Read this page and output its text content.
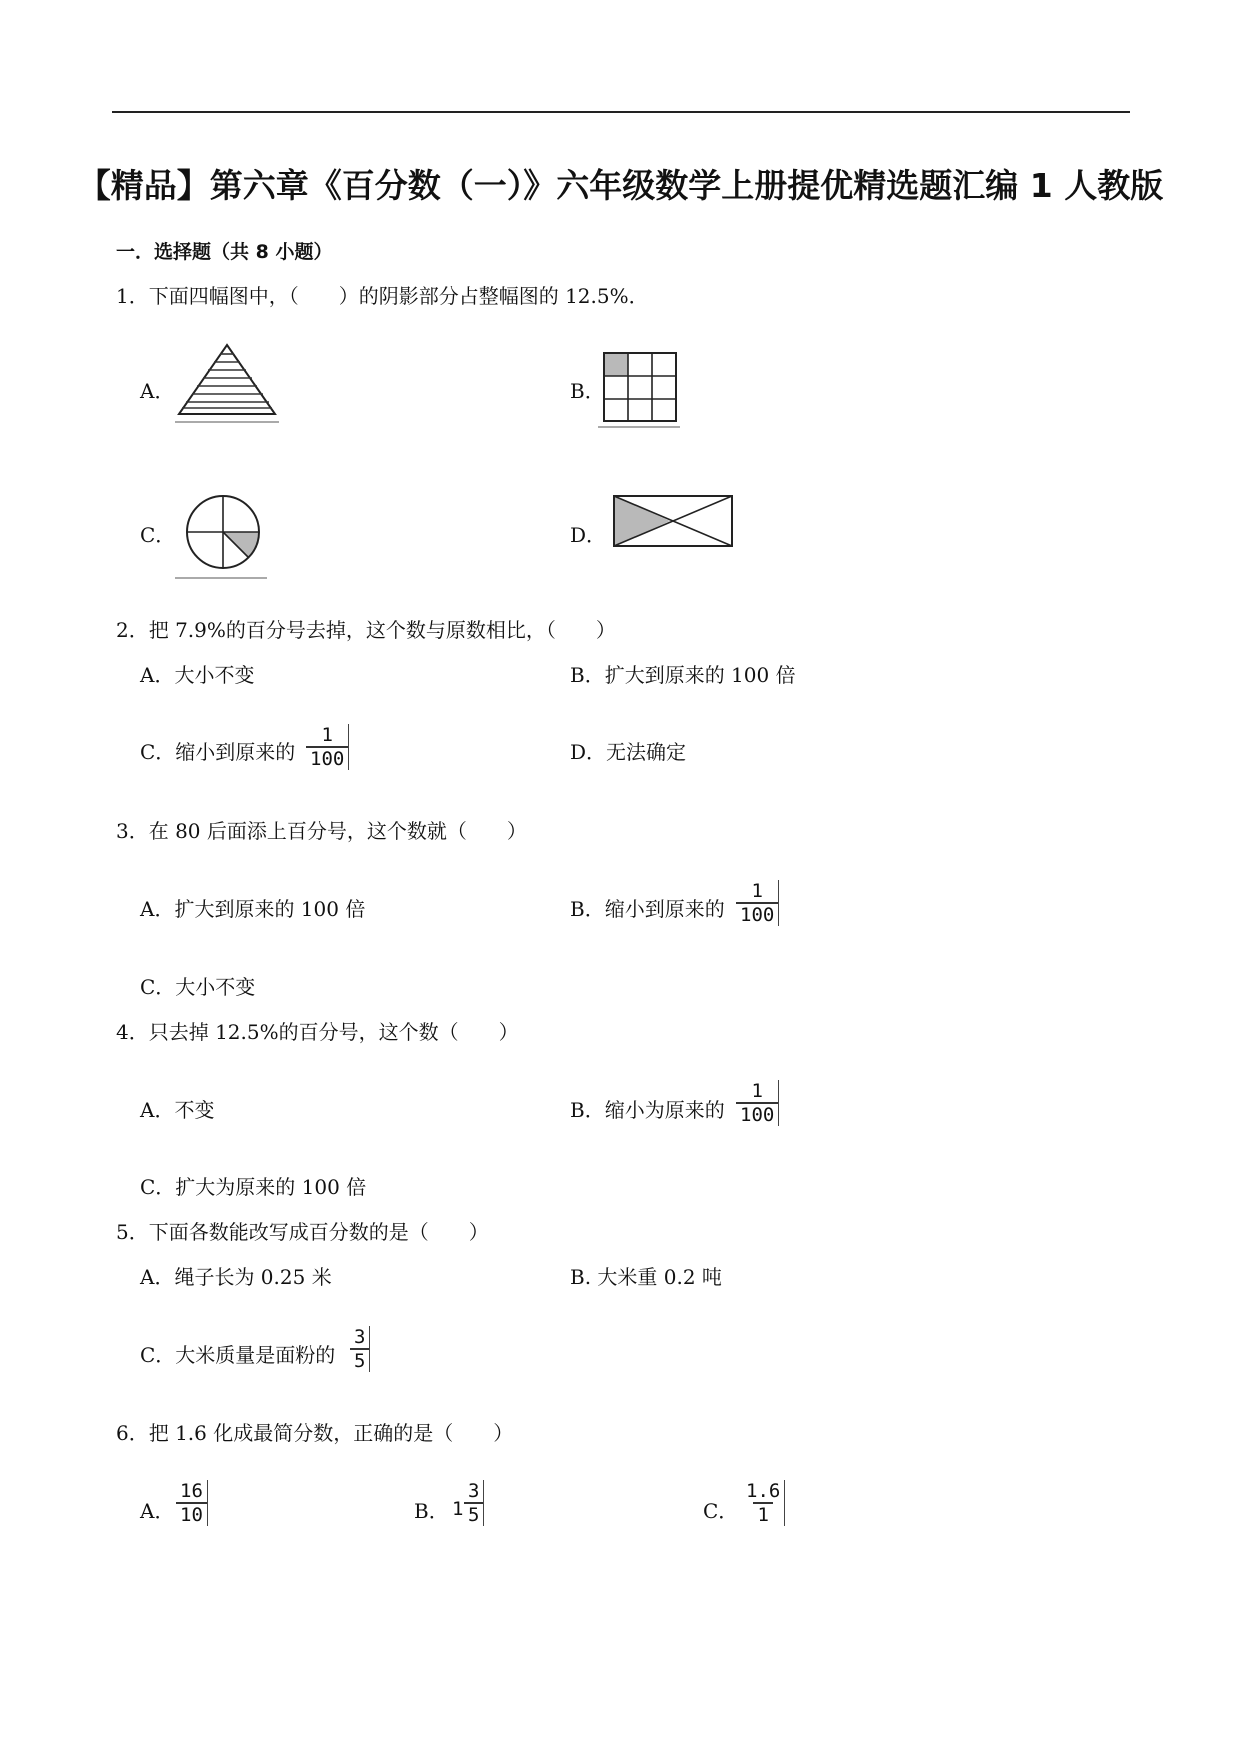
【精品】第六章《百分数（一）》六年级数学上册提优精选题汇编 1 人教版
一．选择题（共 8 小题）
1．下面四幅图中，（　　）的阴影部分占整幅图的 12.5%．
A．	B．
C．	D．
2．把 7.9%的百分号去掉，这个数与原数相比，（　　）
A．大小不变	B．扩大到原来的 100 倍
C．缩小到原来的 $\frac{1}{100}$	D．无法确定
3．在 80 后面添上百分号，这个数就（　　）
A．扩大到原来的 100 倍	B．缩小到原来的 $\frac{1}{100}$
C．大小不变
4．只去掉 12.5%的百分号，这个数（　　）
A．不变	B．缩小为原来的 $\frac{1}{100}$
C．扩大为原来的 100 倍
5．下面各数能改写成百分数的是（　　）
A．绳子长为 0.25 米	B. 大米重 0.2 吨
C．大米质量是面粉的 $\frac{3}{5}$
6．把 1.6 化成最简分数，正确的是（　　）
A． $\frac{16}{10}$	B． $1 \frac{3}{5}$	C． $\frac{1.6}{1}$
